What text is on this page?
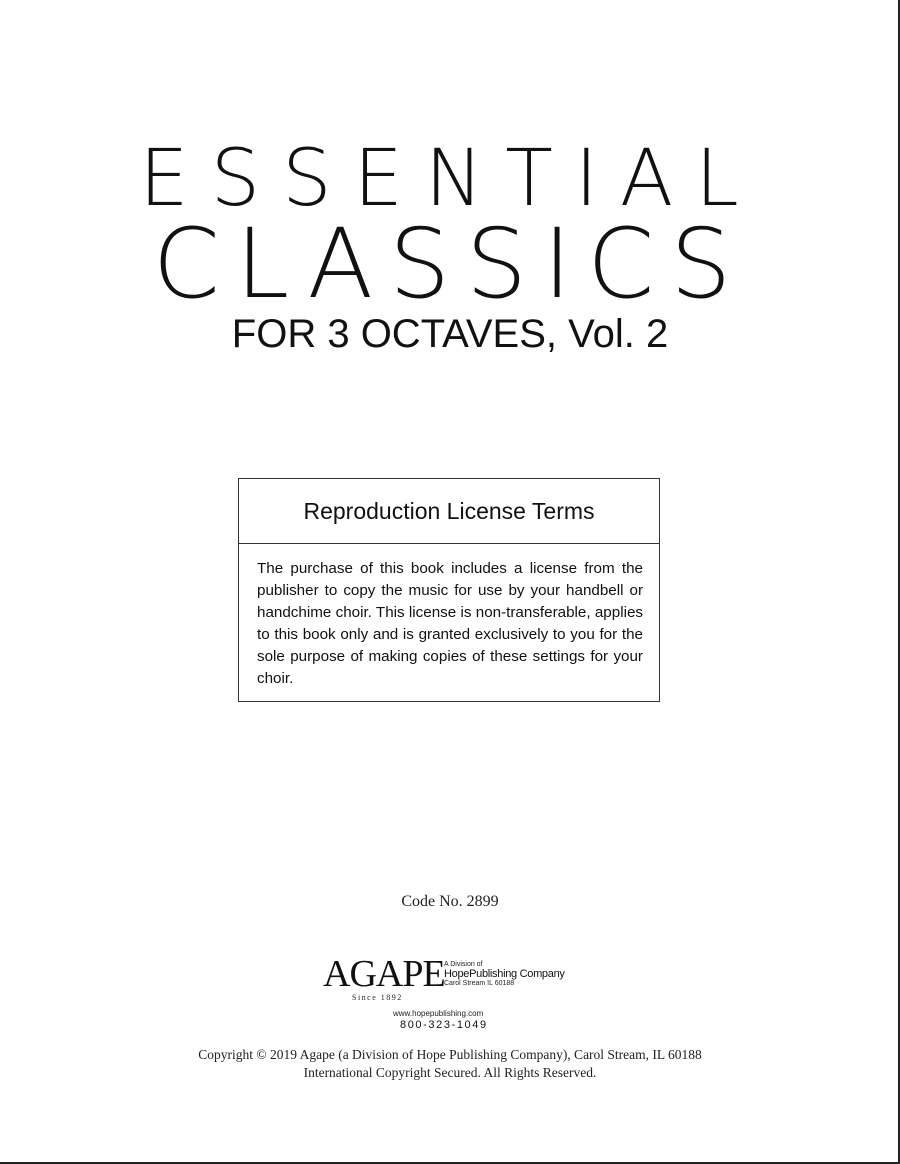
ESSENTIAL
CLASSICS
FOR 3 OCTAVES, Vol. 2
Reproduction License Terms

The purchase of this book includes a license from the publisher to copy the music for use by your handbell or handchime choir. This license is non-transferable, applies to this book only and is granted exclusively to you for the sole purpose of making copies of these settings for your choir.

Code No. 2899
AGAPE
Since 1892
A Division of
HopePublishing Company
Carol Stream IL 60188
www.hopepublishing.com
800-323-1049
Copyright © 2019 Agape (a Division of Hope Publishing Company), Carol Stream, IL 60188
International Copyright Secured. All Rights Reserved.
